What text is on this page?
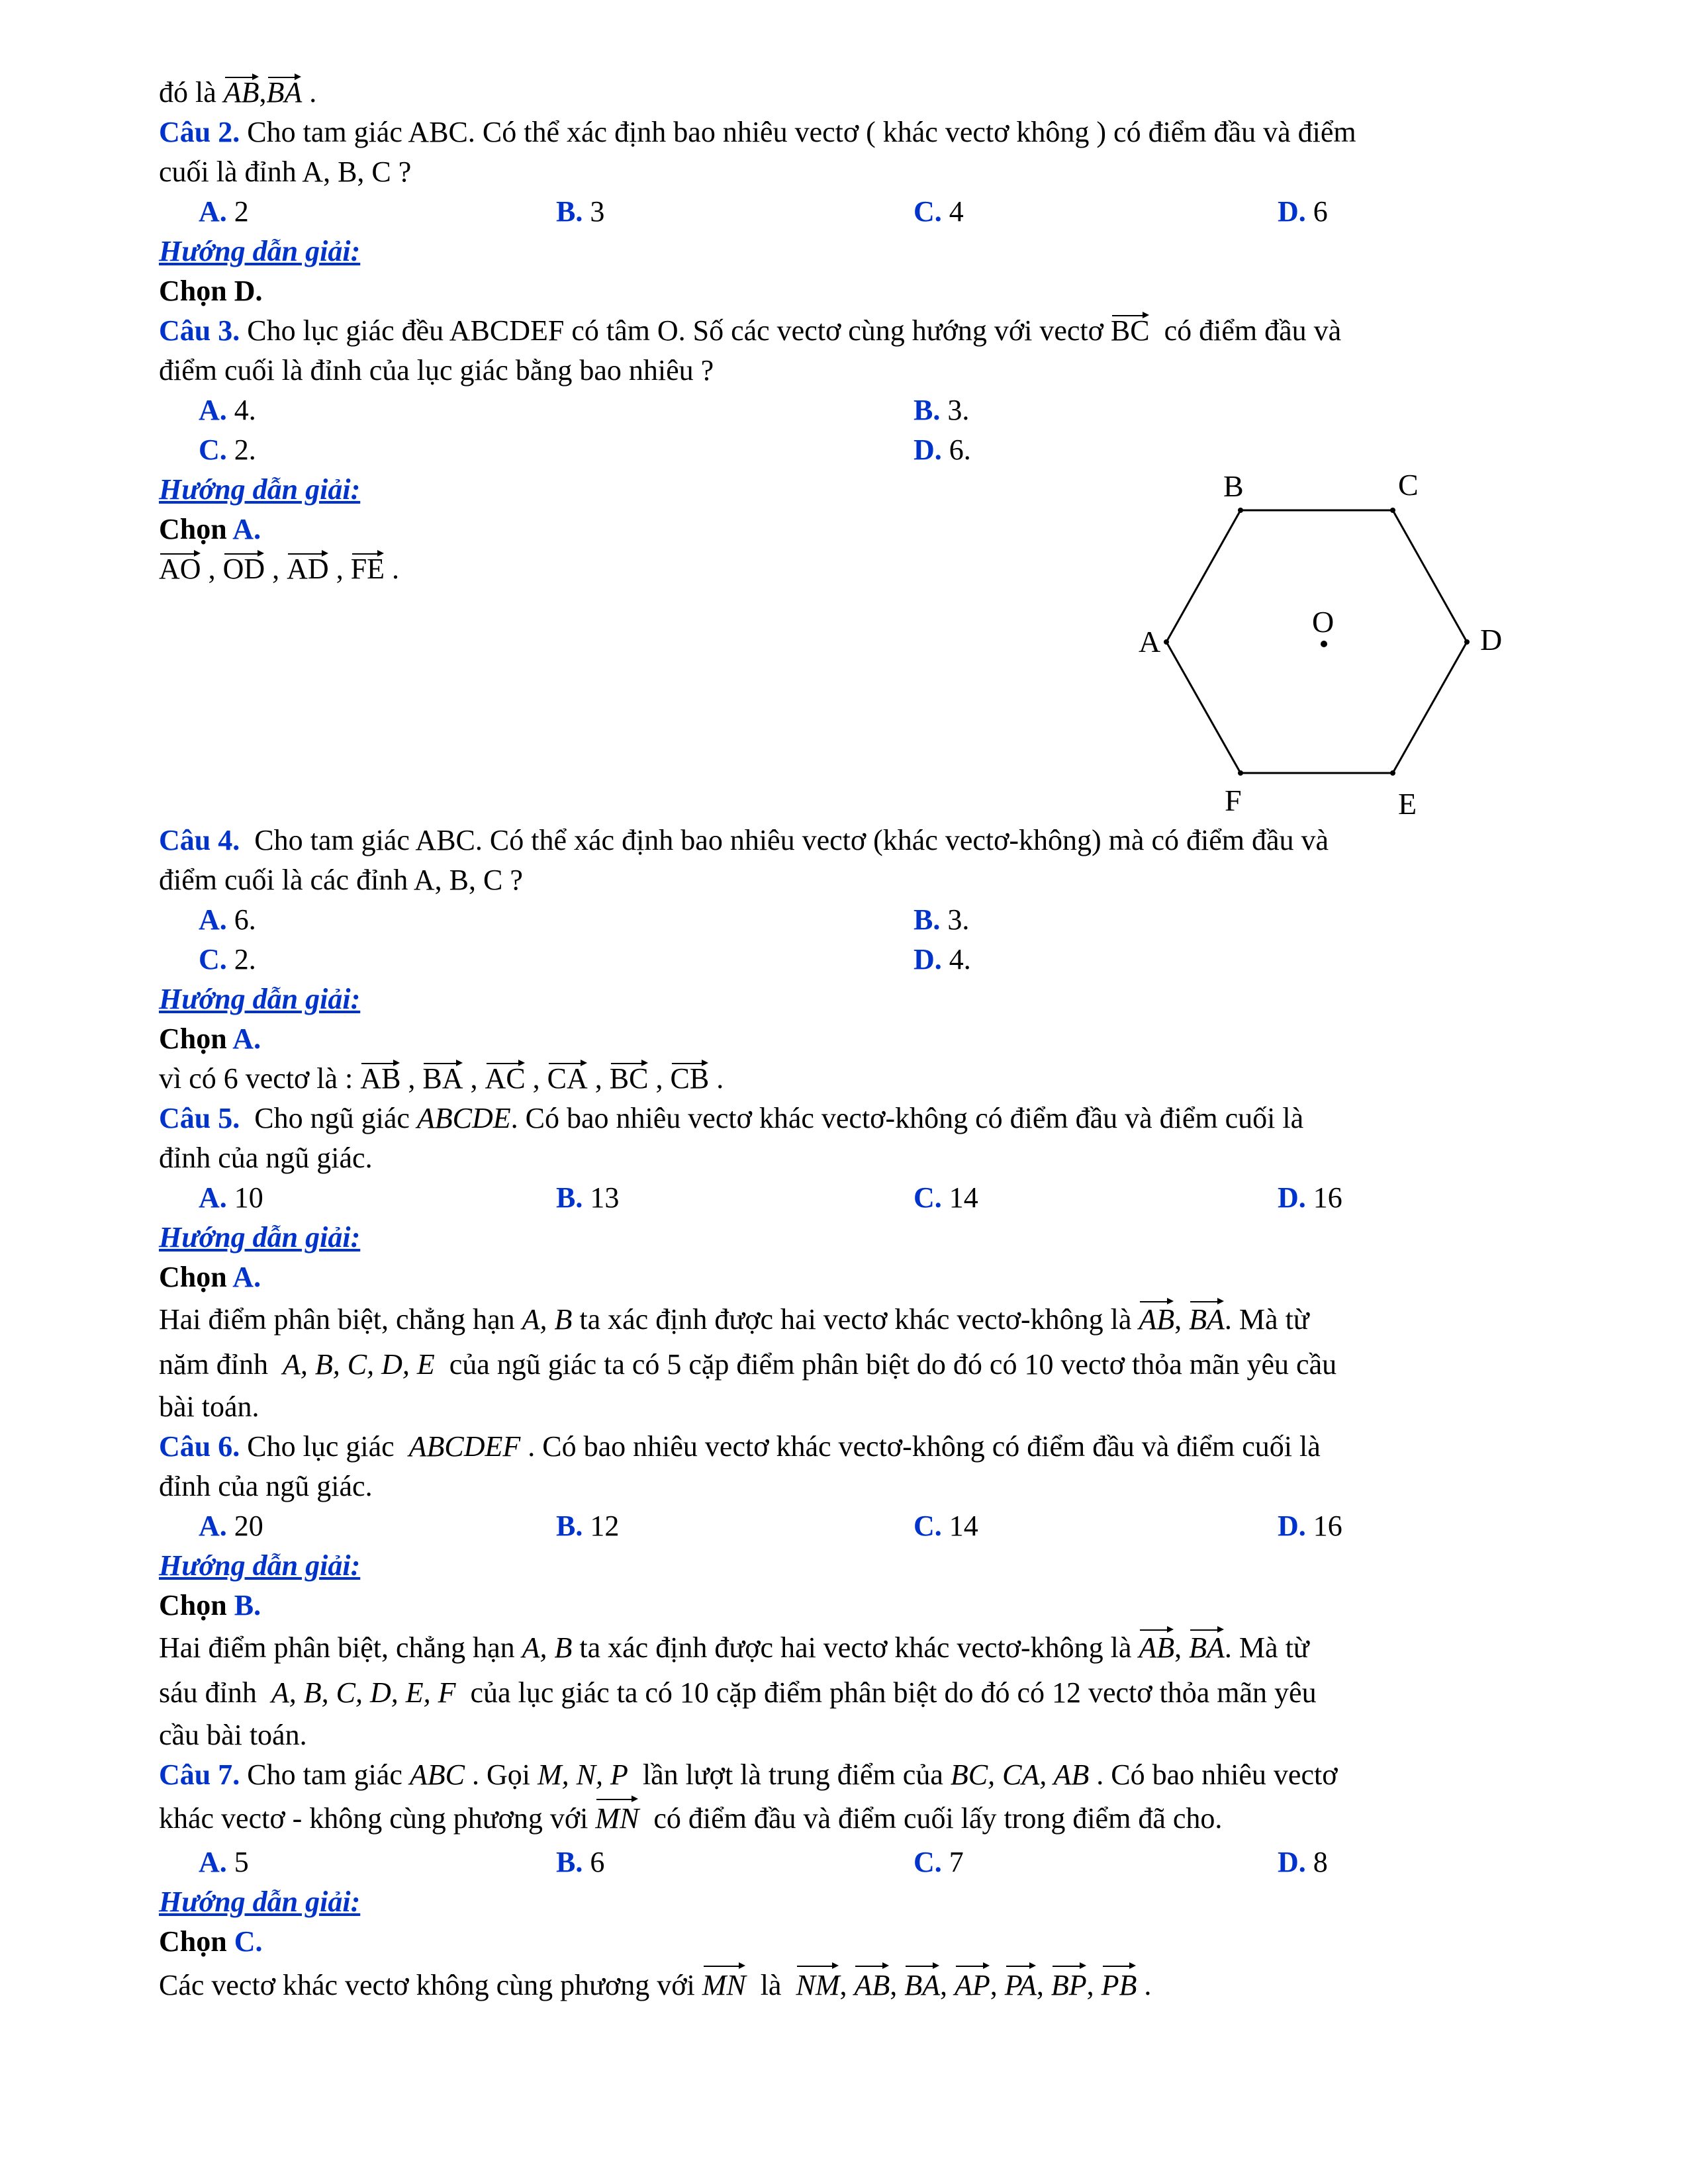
đó là AB,BA .
Câu 2. Cho tam giác ABC. Có thể xác định bao nhiêu vectơ ( khác vectơ không ) có điểm đầu và điểm
cuối là đỉnh A, B, C ?
A. 2	B. 3	C. 4	D. 6
Hướng dẫn giải:
Chọn D.
Câu 3. Cho lục giác đều ABCDEF có tâm O. Số các vectơ cùng hướng với vectơ BC có điểm đầu và
điểm cuối là đỉnh của lục giác bằng bao nhiêu ?
A. 4.	B. 3.
C. 2.	D. 6.
Hướng dẫn giải:
Chọn A.
AO , OD , AD , FE .
Câu 4. Cho tam giác ABC. Có thể xác định bao nhiêu vectơ (khác vectơ-không) mà có điểm đầu và
điểm cuối là các đỉnh A, B, C ?
A. 6.	B. 3.
C. 2.	D. 4.
Hướng dẫn giải:
Chọn A.
vì có 6 vectơ là : AB , BA , AC , CA , BC , CB .
Câu 5. Cho ngũ giác ABCDE. Có bao nhiêu vectơ khác vectơ-không có điểm đầu và điểm cuối là
đỉnh của ngũ giác.
A. 10	B. 13	C. 14	D. 16
Hướng dẫn giải:
Chọn A.
Hai điểm phân biệt, chẳng hạn A, B ta xác định được hai vectơ khác vectơ-không là AB, BA. Mà từ
năm đỉnh A, B, C, D, E của ngũ giác ta có 5 cặp điểm phân biệt do đó có 10 vectơ thỏa mãn yêu cầu
bài toán.
Câu 6. Cho lục giác ABCDEF . Có bao nhiêu vectơ khác vectơ-không có điểm đầu và điểm cuối là
đỉnh của ngũ giác.
A. 20	B. 12	C. 14	D. 16
Hướng dẫn giải:
Chọn B.
Hai điểm phân biệt, chẳng hạn A, B ta xác định được hai vectơ khác vectơ-không là AB, BA. Mà từ
sáu đỉnh A, B, C, D, E, F của lục giác ta có 10 cặp điểm phân biệt do đó có 12 vectơ thỏa mãn yêu
cầu bài toán.
Câu 7. Cho tam giác ABC . Gọi M, N, P lần lượt là trung điểm của BC, CA, AB . Có bao nhiêu vectơ
khác vectơ - không cùng phương với MN có điểm đầu và điểm cuối lấy trong điểm đã cho.
A. 5	B. 6	C. 7	D. 8
Hướng dẫn giải:
Chọn C.
Các vectơ khác vectơ không cùng phương với MN là NM, AB, BA, AP, PA, BP, PB .
B	C
D
E
F
A
O
